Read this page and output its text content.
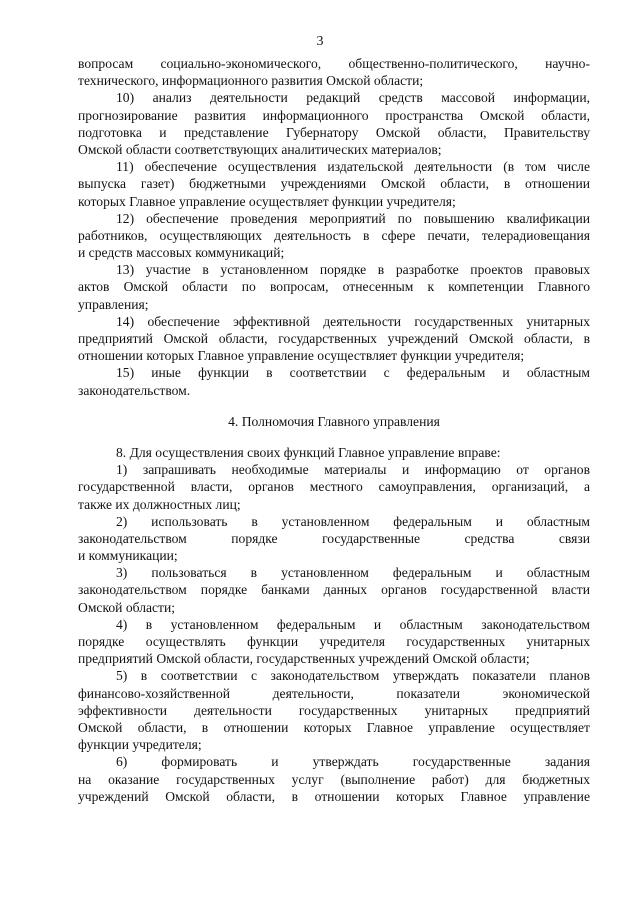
3
вопросам социально-экономического, общественно-политического, научно-
технического, информационного развития Омской области;
10) анализ деятельности редакций средств массовой информации,
прогнозирование развития информационного пространства Омской области,
подготовка и представление Губернатору Омской области, Правительству
Омской области соответствующих аналитических материалов;
11) обеспечение осуществления издательской деятельности (в том числе
выпуска газет) бюджетными учреждениями Омской области, в отношении
которых Главное управление осуществляет функции учредителя;
12) обеспечение проведения мероприятий по повышению квалификации
работников, осуществляющих деятельность в сфере печати, телерадиовещания
и средств массовых коммуникаций;
13) участие в установленном порядке в разработке проектов правовых
актов Омской области по вопросам, отнесенным к компетенции Главного
управления;
14) обеспечение эффективной деятельности государственных унитарных
предприятий Омской области, государственных учреждений Омской области, в
отношении которых Главное управление осуществляет функции учредителя;
15) иные функции в соответствии с федеральным и областным
законодательством.
4. Полномочия Главного управления
8. Для осуществления своих функций Главное управление вправе:
1) запрашивать необходимые материалы и информацию от органов
государственной власти, органов местного самоуправления, организаций, а
также их должностных лиц;
2) использовать в установленном федеральным и областным
законодательством порядке государственные средства связи
и коммуникации;
3) пользоваться в установленном федеральным и областным
законодательством порядке банками данных органов государственной власти
Омской области;
4) в установленном федеральным и областным законодательством
порядке осуществлять функции учредителя государственных унитарных
предприятий Омской области, государственных учреждений Омской области;
5) в соответствии с законодательством утверждать показатели планов
финансово-хозяйственной деятельности, показатели экономической
эффективности деятельности государственных унитарных предприятий
Омской области, в отношении которых Главное управление осуществляет
функции учредителя;
6) формировать и утверждать государственные задания
на оказание государственных услуг (выполнение работ) для бюджетных
учреждений Омской области, в отношении которых Главное управление
